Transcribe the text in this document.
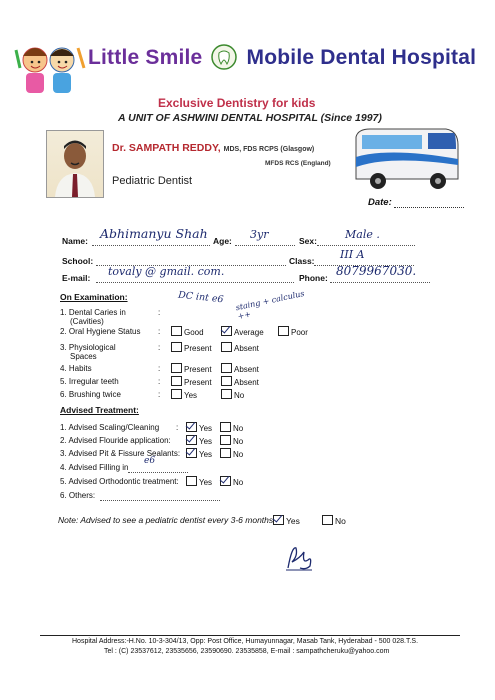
Little Smile Mobile Dental Hospital
Exclusive Dentistry for kids
A UNIT OF ASHWINI DENTAL HOSPITAL (Since 1997)
Dr. SAMPATH REDDY, MDS, FDS RCPS (Glasgow)
MFDS RCS (England)
Pediatric Dentist
Date:
Name: Abhimanyu Shah Age: 3yr	Sex:	Male .
School:	Class: III A
E-mail: tovaly @ gmail. com.	Phone: 8079967030.
On Examination:	DC int e6 staing + calculus ++
1. Dental Caries in
(Cavities)
:
2. Oral Hygiene Status :	Good	Average	Poor
3. Physiological
Spaces
:	Present	Absent
4. Habits	:	Present	Absent
5. Irregular teeth	:	Present	Absent
6. Brushing twice	:	Yes	No
Advised Treatment:
1. Advised Scaling/Cleaning :	Yes	No
2. Advised Flouride application:	Yes	No
3. Advised Pit & Fissure Sealants:	Yes	No
4. Advised Filling in
e6
5. Advised Orthodontic treatment:	Yes	No
6. Others:
Note: Advised to see a pediatric dentist every 3-6 months	Yes	No
Hospital Address:-H.No. 10-3-304/13, Opp: Post Office, Humayunnagar, Masab Tank, Hyderabad - 500 028.T.S.
Tel : (C) 23537612, 23535656, 23590690. 23535858, E-mail : sampathcheruku@yahoo.com
